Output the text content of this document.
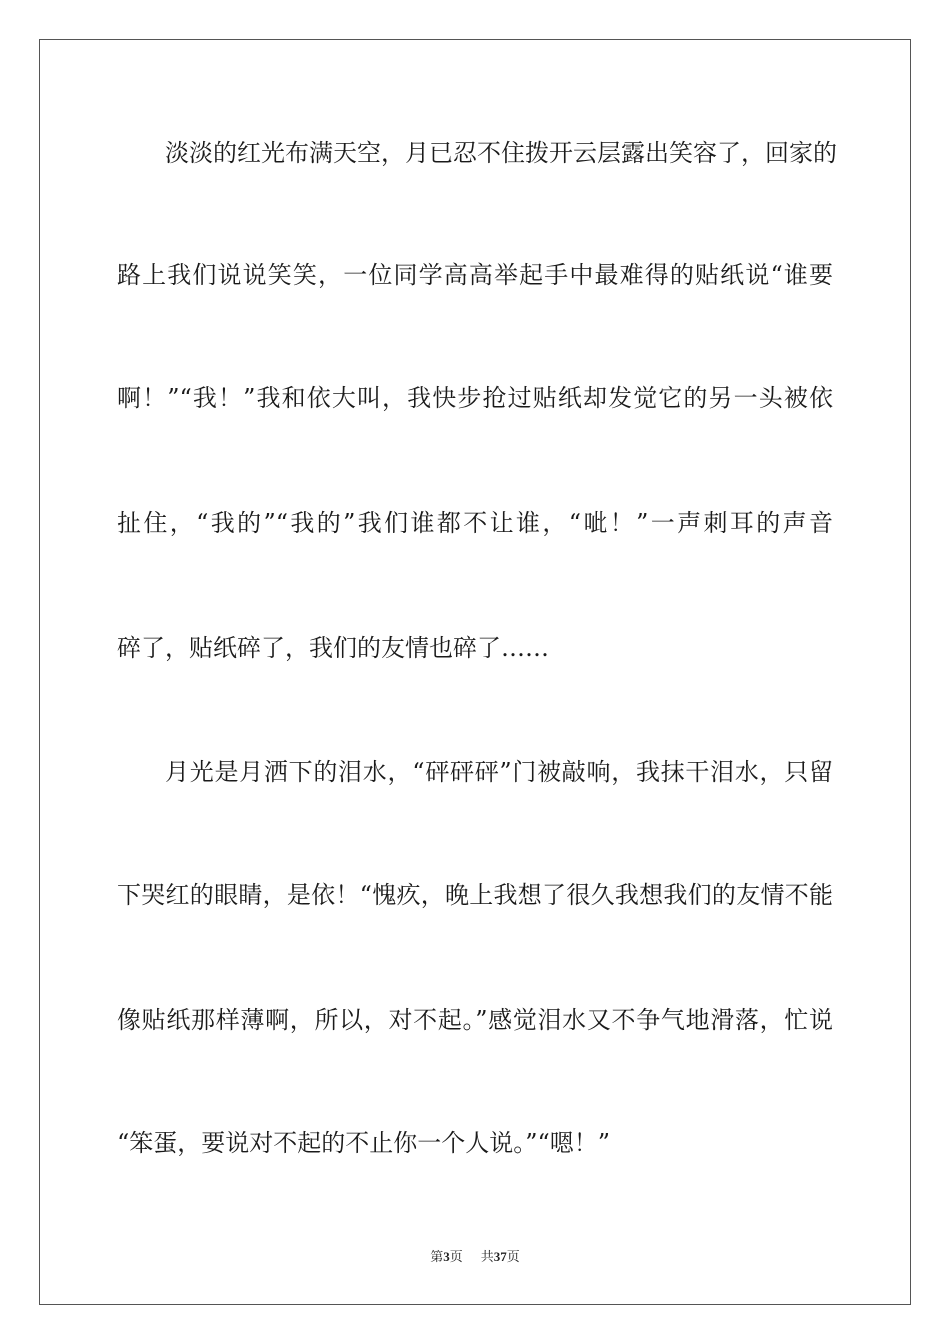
淡淡的红光布满天空，月已忍不住拨开云层露出笑容了，回家的
路上我们说说笑笑，一位同学高高举起手中最难得的贴纸说“谁要
啊！”“我！”我和依大叫，我快步抢过贴纸却发觉它的另一头被依
扯住，“我的”“我的”我们谁都不让谁，“呲！”一声刺耳的声音
碎了，贴纸碎了，我们的友情也碎了……
月光是月洒下的泪水，“砰砰砰”门被敲响，我抹干泪水，只留
下哭红的眼睛，是依！“愧疚，晚上我想了很久我想我们的友情不能
像贴纸那样薄啊，所以，对不起。”感觉泪水又不争气地滑落，忙说
“笨蛋，要说对不起的不止你一个人说。”“嗯！”
第3页 共37页
